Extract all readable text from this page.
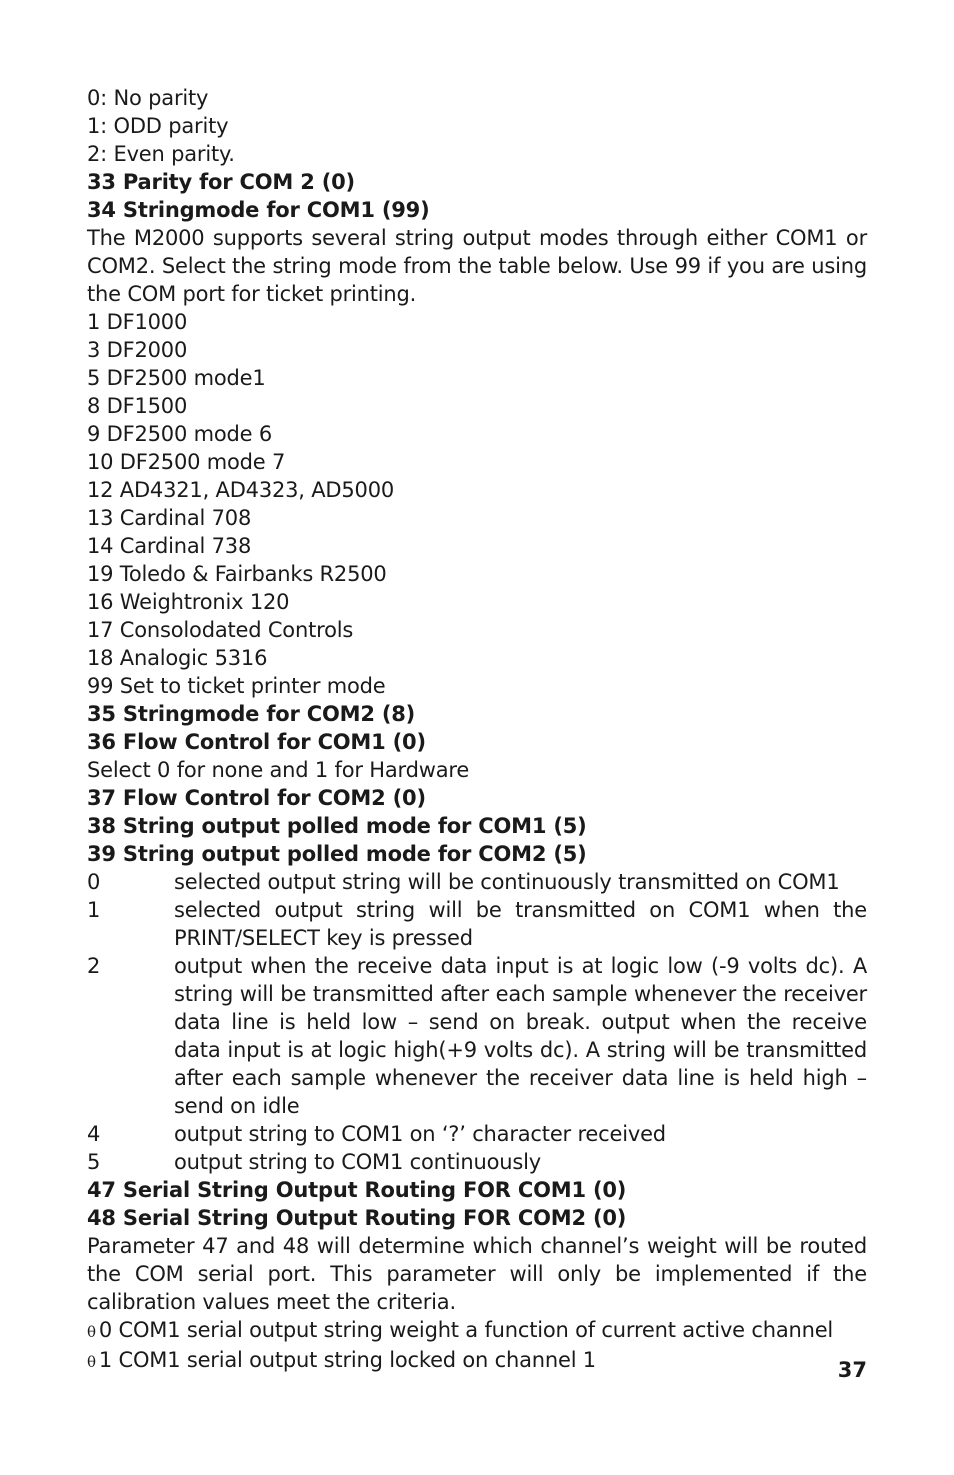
0: No parity
1: ODD parity
2: Even parity.
33 Parity for COM 2 (0)
34 Stringmode for COM1 (99)
The M2000 supports several string output modes through either COM1 or COM2. Select the string mode from the table below. Use 99 if you are using the COM port for ticket printing.
1 DF1000
3 DF2000
5 DF2500 mode1
8 DF1500
9 DF2500 mode 6
10 DF2500 mode 7
12 AD4321, AD4323, AD5000
13 Cardinal 708
14 Cardinal 738
19 Toledo & Fairbanks R2500
16 Weightronix 120
17 Consolodated Controls
18 Analogic 5316
99 Set to ticket printer mode
35 Stringmode for COM2 (8)
36 Flow Control for COM1 (0)
Select 0 for none and 1 for Hardware
37 Flow Control for COM2 (0)
38 String output polled mode for COM1 (5)
39 String output polled mode for COM2 (5)
0	selected output string will be continuously transmitted on COM1
1	selected output string will be transmitted on COM1 when the PRINT/SELECT key is pressed
2	output when the receive data input is at logic low (-9 volts dc). A string will be transmitted after each sample whenever the receiver data line is held low – send on break. output when the receive data input is at logic high(+9 volts dc). A string will be transmitted after each sample whenever the receiver data line is held high – send on idle
4	output string to COM1 on ‘?’ character received
5	output string to COM1 continuously
47 Serial String Output Routing FOR COM1 (0)
48 Serial String Output Routing FOR COM2 (0)
Parameter 47 and 48 will determine which channel’s weight will be routed the COM serial port. This parameter will only be implemented if the calibration values meet the criteria.
θ 0 COM1 serial output string weight a function of current active channel
θ 1 COM1 serial output string locked on channel 1	37
